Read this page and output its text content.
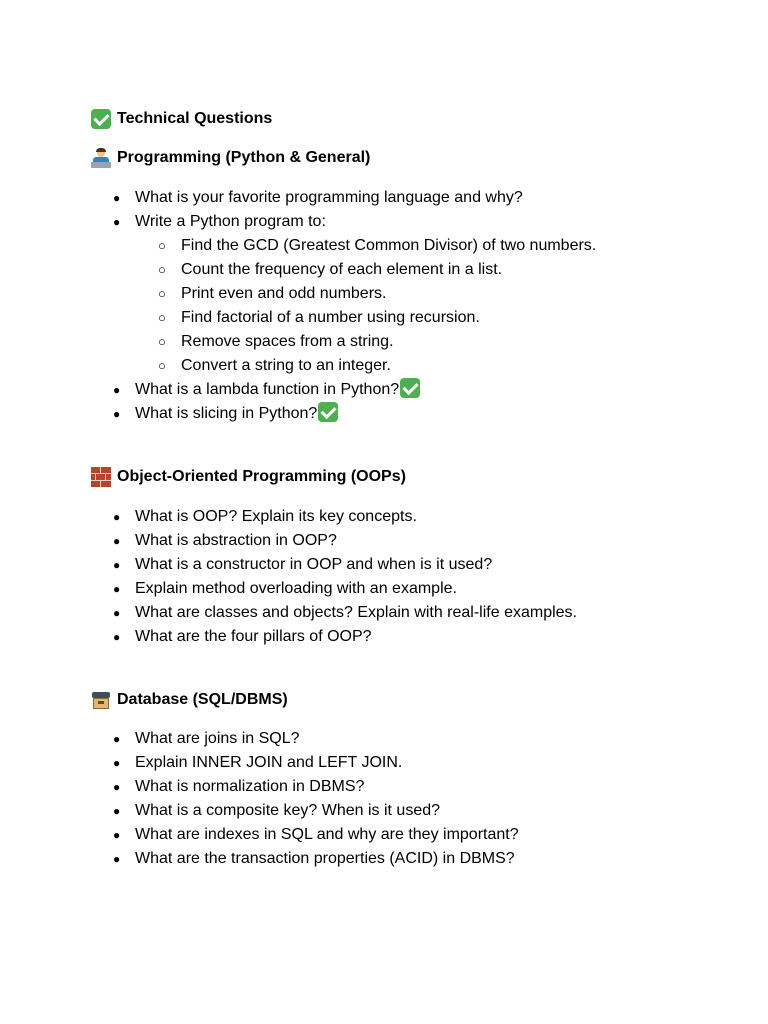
Technical Questions
Programming (Python & General)
● What is your favorite programming language and why?
● Write a Python program to:
○ Find the GCD (Greatest Common Divisor) of two numbers.
○ Count the frequency of each element in a list.
○ Print even and odd numbers.
○ Find factorial of a number using recursion.
○ Remove spaces from a string.
○ Convert a string to an integer.
● What is a lambda function in Python?
● What is slicing in Python?
Object-Oriented Programming (OOPs)
● What is OOP? Explain its key concepts.
● What is abstraction in OOP?
● What is a constructor in OOP and when is it used?
● Explain method overloading with an example.
● What are classes and objects? Explain with real-life examples.
● What are the four pillars of OOP?
Database (SQL/DBMS)
● What are joins in SQL?
● Explain INNER JOIN and LEFT JOIN.
● What is normalization in DBMS?
● What is a composite key? When is it used?
● What are indexes in SQL and why are they important?
● What are the transaction properties (ACID) in DBMS?
